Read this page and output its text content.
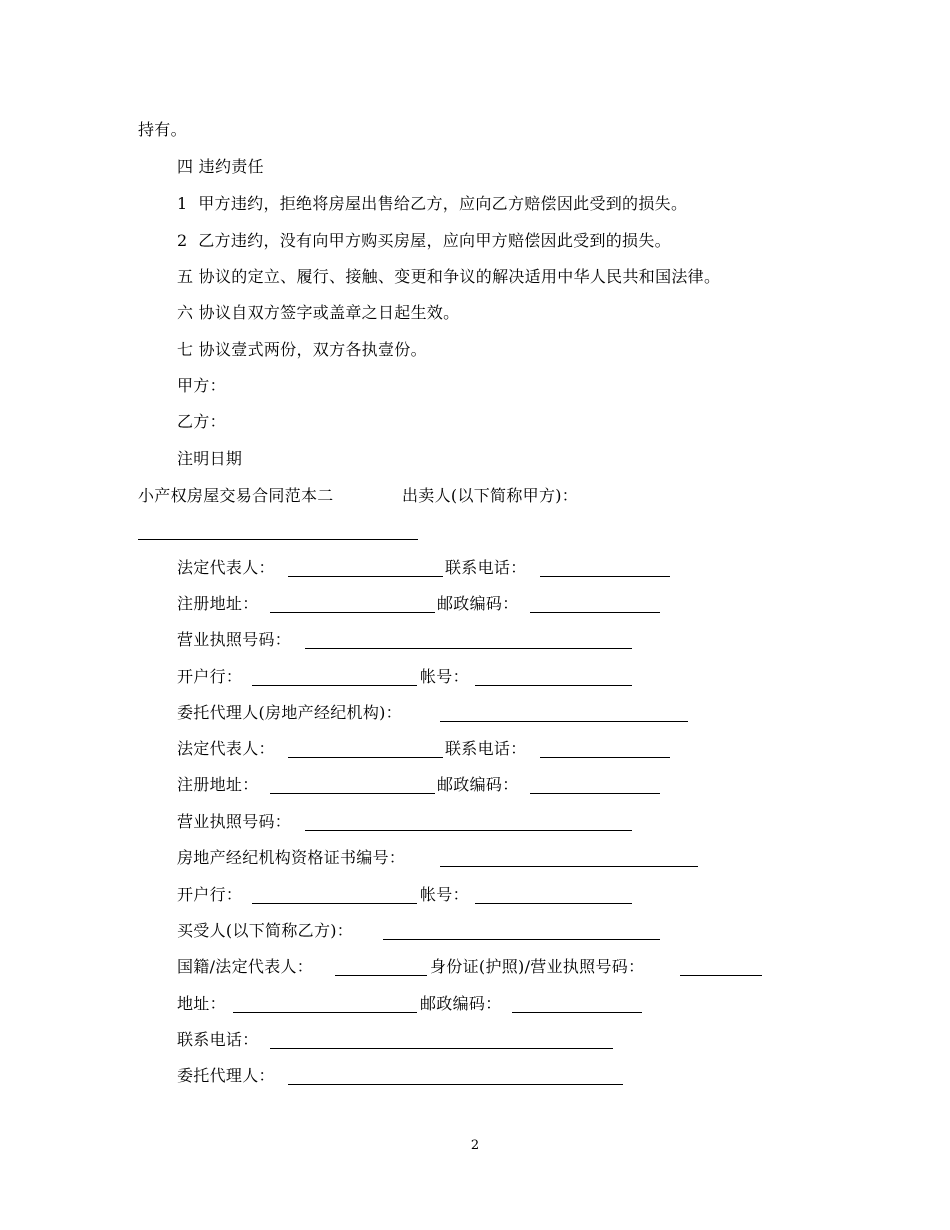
持有。
四 违约责任
1  甲方违约，拒绝将房屋出售给乙方，应向乙方赔偿因此受到的损失。
2  乙方违约，没有向甲方购买房屋，应向甲方赔偿因此受到的损失。
五 协议的定立、履行、接触、变更和争议的解决适用中华人民共和国法律。
六 协议自双方签字或盖章之日起生效。
七 协议壹式两份，双方各执壹份。
甲方：
乙方：
注明日期
小产权房屋交易合同范本二	出卖人(以下简称甲方)：
法定代表人：	联系电话：
注册地址：	邮政编码：
营业执照号码：
开户行：	帐号：
委托代理人(房地产经纪机构)：
法定代表人：	联系电话：
注册地址：	邮政编码：
营业执照号码：
房地产经纪机构资格证书编号：
开户行：	帐号：
买受人(以下简称乙方)：
国籍/法定代表人：	身份证(护照)/营业执照号码：
地址：	邮政编码：
联系电话：
委托代理人：
2
